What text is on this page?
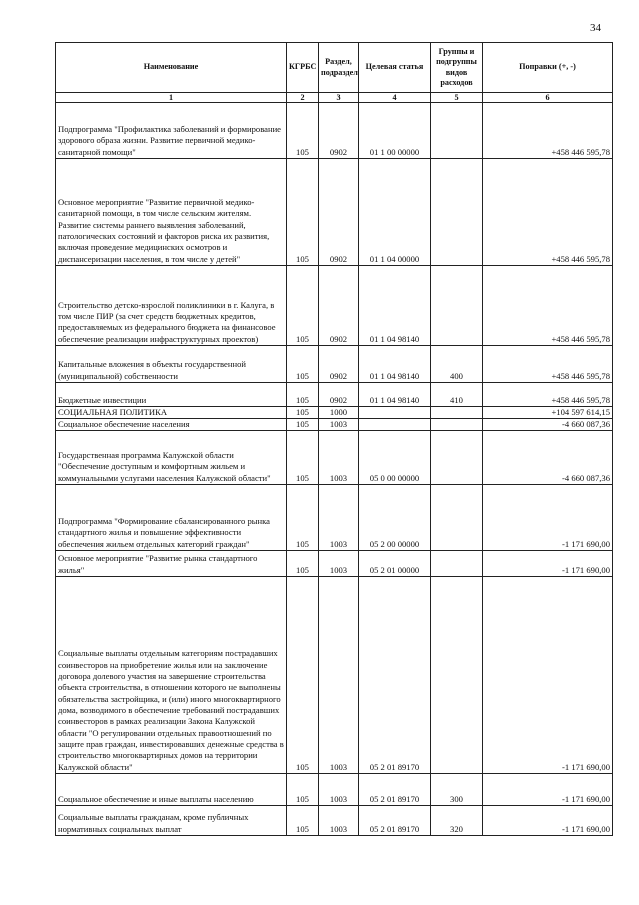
34
Наименование	КГРБС	Раздел, подраздел	Целевая статья	Группы и подгруппы видов расходов	Поправки (+, -)
1	2	3	4	5	6
Подпрограмма "Профилактика заболеваний и формирование здорового образа жизни. Развитие первичной медико-санитарной помощи"	105	0902	01 1 00 00000		+458 446 595,78
Основное мероприятие "Развитие первичной медико-санитарной помощи, в том числе сельским жителям. Развитие системы раннего выявления заболеваний, патологических состояний и факторов риска их развития, включая проведение медицинских осмотров и диспансеризации населения, в том числе у детей"	105	0902	01 1 04 00000		+458 446 595,78
Строительство детско-взрослой поликлиники в г. Калуга, в том числе ПИР (за счет средств бюджетных кредитов, предоставляемых из федерального бюджета на финансовое обеспечение реализации инфраструктурных проектов)	105	0902	01 1 04 98140		+458 446 595,78
Капитальные вложения в объекты государственной (муниципальной) собственности	105	0902	01 1 04 98140	400	+458 446 595,78
Бюджетные инвестиции	105	0902	01 1 04 98140	410	+458 446 595,78
СОЦИАЛЬНАЯ ПОЛИТИКА	105	1000			+104 597 614,15
Социальное обеспечение населения	105	1003			-4 660 087,36
Государственная программа Калужской области "Обеспечение доступным и комфортным жильем и коммунальными услугами населения Калужской области"	105	1003	05 0 00 00000		-4 660 087,36
Подпрограмма "Формирование сбалансированного рынка стандартного жилья и повышение эффективности обеспечения жильем отдельных категорий граждан"	105	1003	05 2 00 00000		-1 171 690,00
Основное мероприятие "Развитие рынка стандартного жилья"	105	1003	05 2 01 00000		-1 171 690,00
Социальные выплаты отдельным категориям пострадавших соинвесторов на приобретение жилья или на заключение договора долевого участия на завершение строительства объекта строительства, в отношении которого не выполнены обязательства застройщика, и (или) иного многоквартирного дома, возводимого в обеспечение требований пострадавших соинвесторов в рамках реализации Закона Калужской области "О регулировании отдельных правоотношений по защите прав граждан, инвестировавших денежные средства в строительство многоквартирных домов на территории Калужской области"	105	1003	05 2 01 89170		-1 171 690,00
Социальное обеспечение и иные выплаты населению	105	1003	05 2 01 89170	300	-1 171 690,00
Социальные выплаты гражданам, кроме публичных нормативных социальных выплат	105	1003	05 2 01 89170	320	-1 171 690,00
